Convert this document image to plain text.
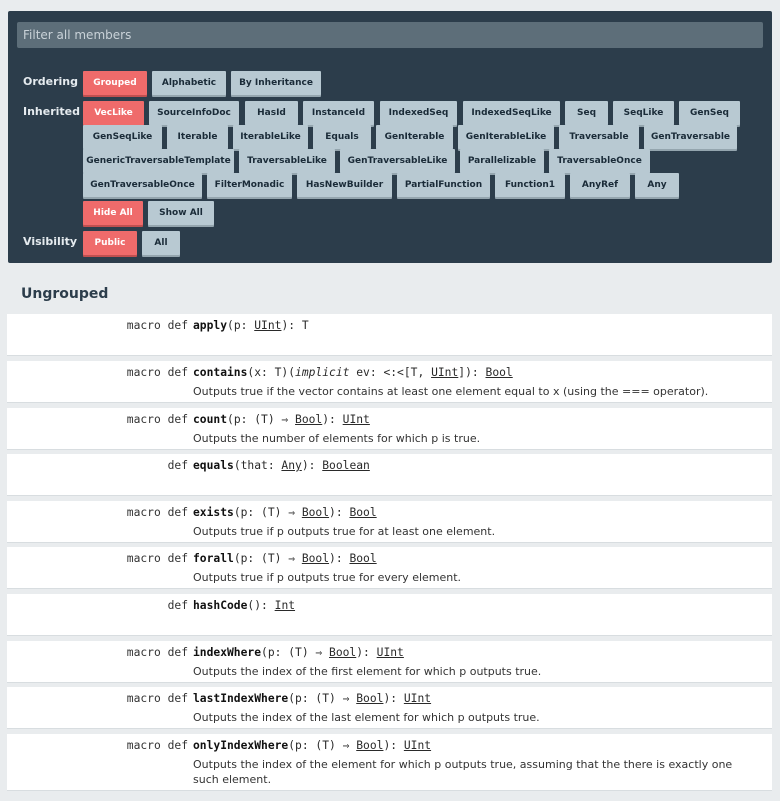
Filter all members
Ordering	Grouped	Alphabetic	By Inheritance
Inherited	VecLike	SourceInfoDoc	HasId	InstanceId	IndexedSeq	IndexedSeqLike	Seq	SeqLike	GenSeq
GenSeqLike	Iterable	IterableLike	Equals	GenIterable	GenIterableLike	Traversable	GenTraversable
GenericTraversableTemplate	TraversableLike	GenTraversableLike	Parallelizable	TraversableOnce
GenTraversableOnce	FilterMonadic	HasNewBuilder	PartialFunction	Function1	AnyRef	Any
Hide All	Show All
Visibility	Public	All
Ungrouped
macro def apply(p: UInt): T
macro def contains(x: T)(implicit ev: <:<[T, UInt]): Bool
Outputs true if the vector contains at least one element equal to x (using the === operator).
macro def count(p: (T) ⇒ Bool): UInt
Outputs the number of elements for which p is true.
def equals(that: Any): Boolean
macro def exists(p: (T) ⇒ Bool): Bool
Outputs true if p outputs true for at least one element.
macro def forall(p: (T) ⇒ Bool): Bool
Outputs true if p outputs true for every element.
def hashCode(): Int
macro def indexWhere(p: (T) ⇒ Bool): UInt
Outputs the index of the first element for which p outputs true.
macro def lastIndexWhere(p: (T) ⇒ Bool): UInt
Outputs the index of the last element for which p outputs true.
macro def onlyIndexWhere(p: (T) ⇒ Bool): UInt
Outputs the index of the element for which p outputs true, assuming that the there is exactly one such element.
